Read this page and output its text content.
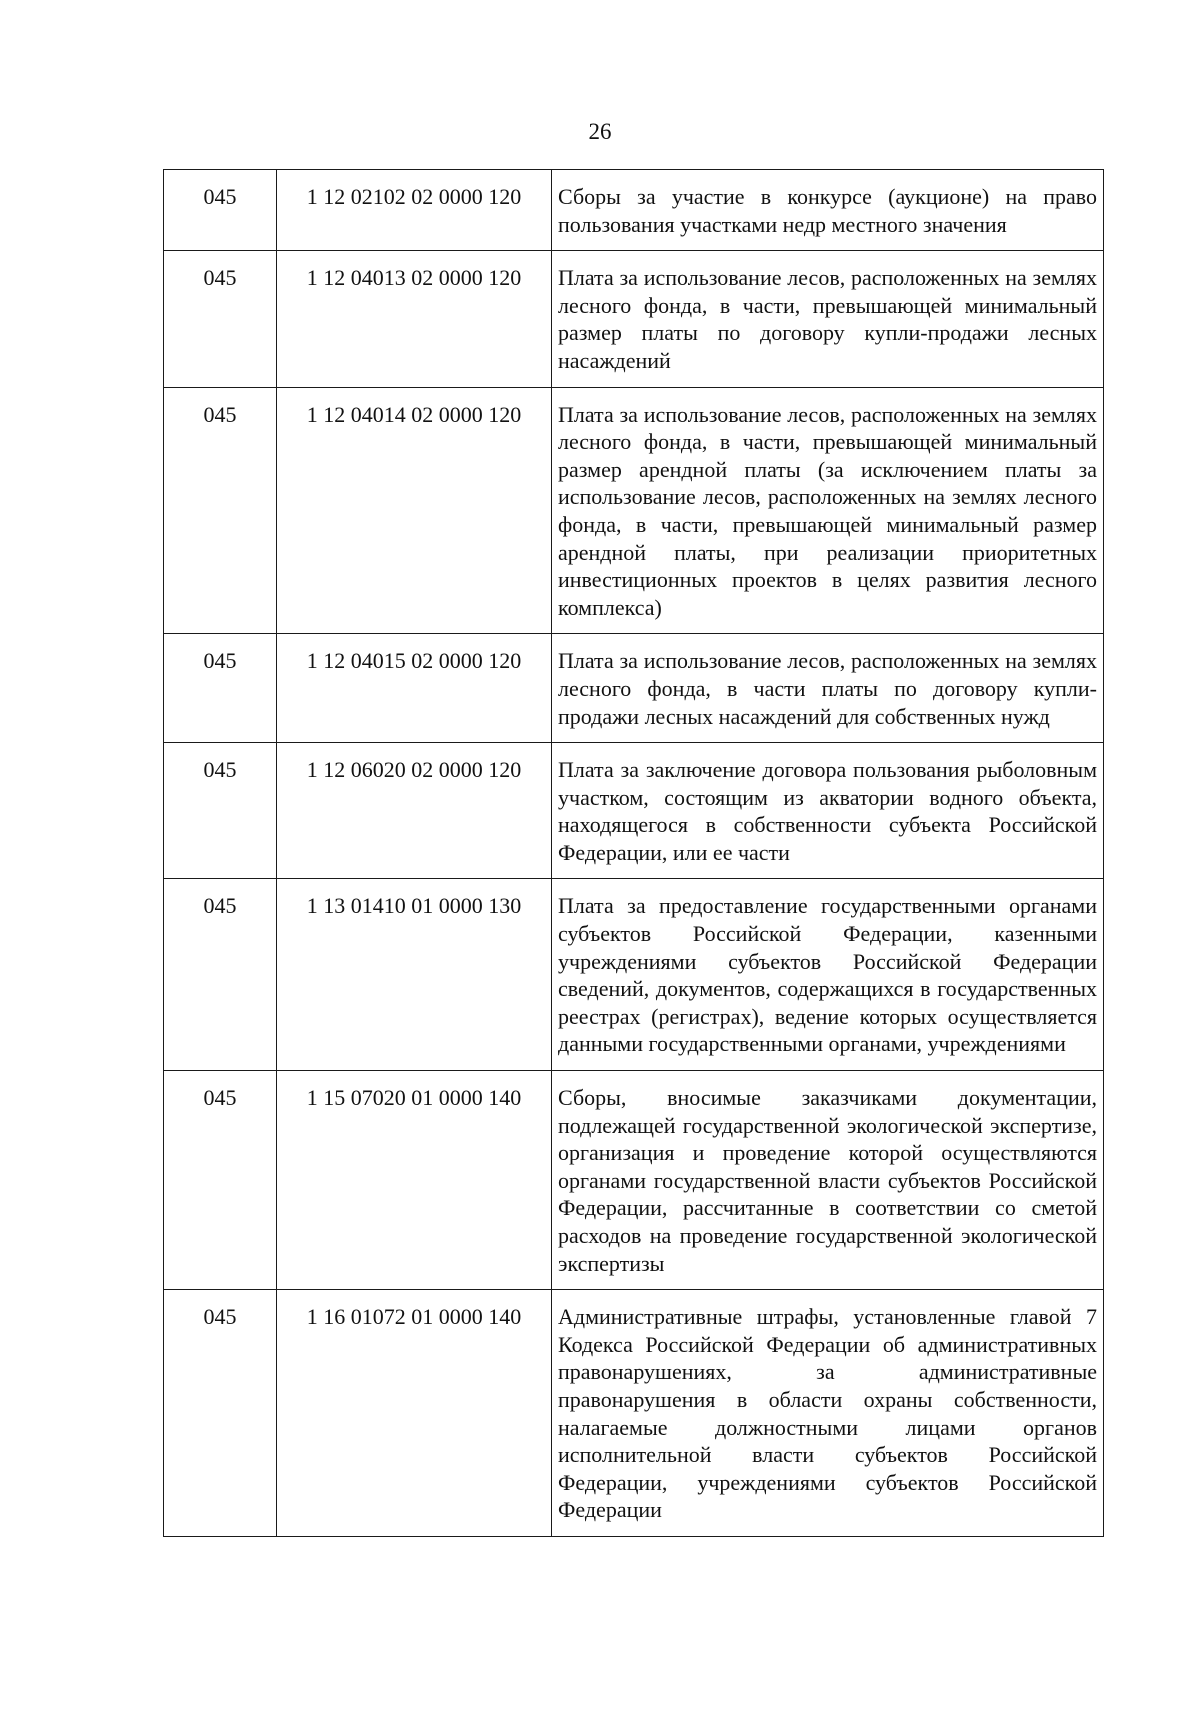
26
045	1 12 02102 02 0000 120	Сборы за участие в конкурсе (аукционе) на право пользования участками недр местного значения
045	1 12 04013 02 0000 120	Плата за использование лесов, расположенных на землях лесного фонда, в части, превышающей минимальный размер платы по договору купли-продажи лесных насаждений
045	1 12 04014 02 0000 120	Плата за использование лесов, расположенных на землях лесного фонда, в части, превышающей минимальный размер арендной платы (за исключением платы за использование лесов, расположенных на землях лесного фонда, в части, превышающей минимальный размер арендной платы, при реализации приоритетных инвестиционных проектов в целях развития лесного комплекса)
045	1 12 04015 02 0000 120	Плата за использование лесов, расположенных на землях лесного фонда, в части платы по договору купли-продажи лесных насаждений для собственных нужд
045	1 12 06020 02 0000 120	Плата за заключение договора пользования рыболовным участком, состоящим из акватории водного объекта, находящегося в собственности субъекта Российской Федерации, или ее части
045	1 13 01410 01 0000 130	Плата за предоставление государственными органами субъектов Российской Федерации, казенными учреждениями субъектов Российской Федерации сведений, документов, содержащихся в государственных реестрах (регистрах), ведение которых осуществляется данными государственными органами, учреждениями
045	1 15 07020 01 0000 140	Сборы, вносимые заказчиками документации, подлежащей государственной экологической экспертизе, организация и проведение которой осуществляются органами государственной власти субъектов Российской Федерации, рассчитанные в соответствии со сметой расходов на проведение государственной экологической экспертизы
045	1 16 01072 01 0000 140	Административные штрафы, установленные главой 7 Кодекса Российской Федерации об административных правонарушениях, за административные правонарушения в области охраны собственности, налагаемые должностными лицами органов исполнительной власти субъектов Российской Федерации, учреждениями субъектов Российской Федерации
